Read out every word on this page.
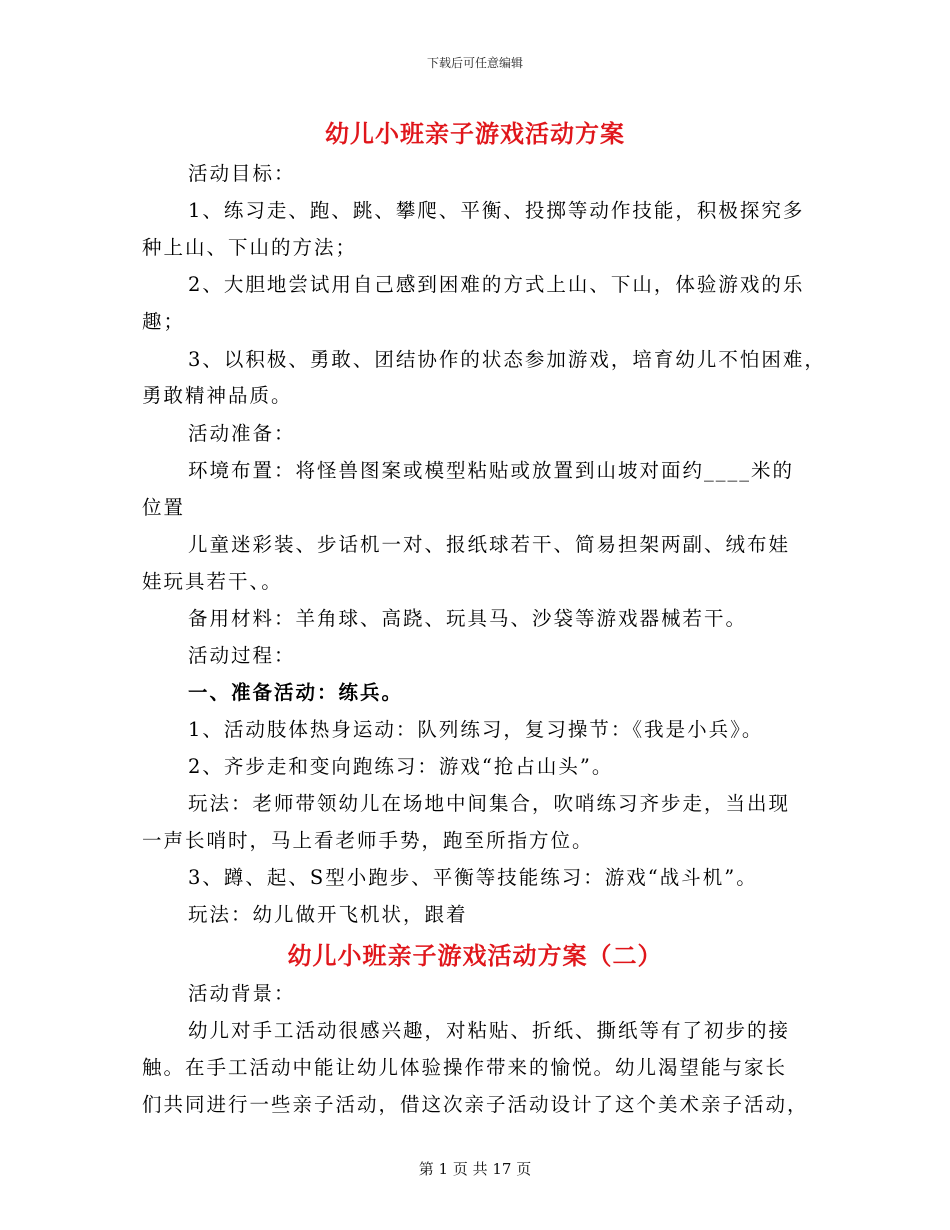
下载后可任意编辑
幼儿小班亲子游戏活动方案
活动目标：
1、练习走、跑、跳、攀爬、平衡、投掷等动作技能，积极探究多
种上山、下山的方法；
2、大胆地尝试用自己感到困难的方式上山、下山，体验游戏的乐
趣；
3、以积极、勇敢、团结协作的状态参加游戏，培育幼儿不怕困难，
勇敢精神品质。
活动准备：
环境布置：将怪兽图案或模型粘贴或放置到山坡对面约____米的
位置
儿童迷彩装、步话机一对、报纸球若干、简易担架两副、绒布娃
娃玩具若干、。
备用材料：羊角球、高跷、玩具马、沙袋等游戏器械若干。
活动过程：
一、准备活动：练兵。
1、活动肢体热身运动：队列练习，复习操节：《我是小兵》。
2、齐步走和变向跑练习：游戏“抢占山头”。
玩法：老师带领幼儿在场地中间集合，吹哨练习齐步走，当出现
一声长哨时，马上看老师手势，跑至所指方位。
3、蹲、起、S型小跑步、平衡等技能练习：游戏“战斗机”。
玩法：幼儿做开飞机状，跟着
幼儿小班亲子游戏活动方案（二）
活动背景：
幼儿对手工活动很感兴趣，对粘贴、折纸、撕纸等有了初步的接
触。在手工活动中能让幼儿体验操作带来的愉悦。幼儿渴望能与家长
们共同进行一些亲子活动，借这次亲子活动设计了这个美术亲子活动，
第 1 页 共 17 页
